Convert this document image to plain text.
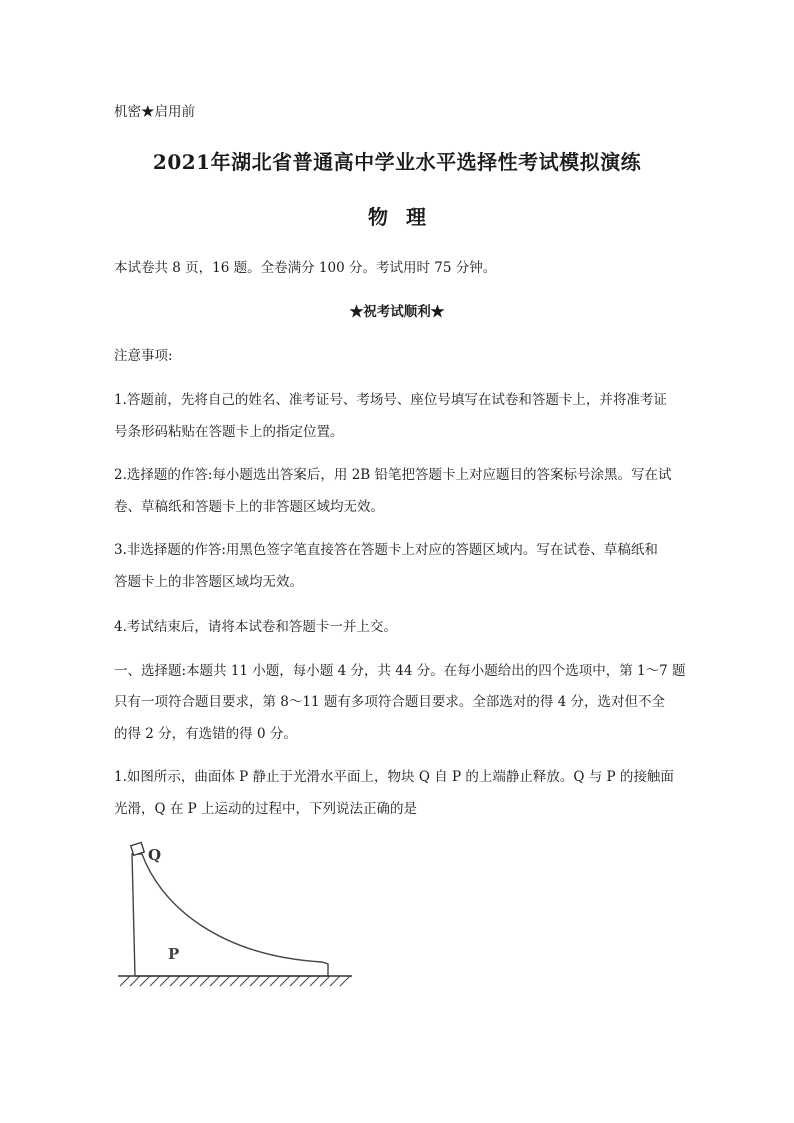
机密★启用前
2021年湖北省普通高中学业水平选择性考试模拟演练
物理
本试卷共 8 页，16 题。全卷满分 100 分。考试用时 75 分钟。
★祝考试顺利★
注意事项:
1.答题前，先将自己的姓名、准考证号、考场号、座位号填写在试卷和答题卡上，并将准考证
号条形码粘贴在答题卡上的指定位置。
2.选择题的作答:每小题选出答案后，用 2B 铅笔把答题卡上对应题目的答案标号涂黑。写在试
卷、草稿纸和答题卡上的非答题区域均无效。
3.非选择题的作答:用黑色签字笔直接答在答题卡上对应的答题区域内。写在试卷、草稿纸和
答题卡上的非答题区域均无效。
4.考试结束后，请将本试卷和答题卡一并上交。
一、选择题:本题共 11 小题，每小题 4 分，共 44 分。在每小题给出的四个选项中，第 1～7 题
只有一项符合题目要求，第 8～11 题有多项符合题目要求。全部选对的得 4 分，选对但不全
的得 2 分，有选错的得 0 分。
1.如图所示，曲面体 P 静止于光滑水平面上，物块 Q 自 P 的上端静止释放。Q 与 P 的接触面
光滑，Q 在 P 上运动的过程中，下列说法正确的是
Q
P
